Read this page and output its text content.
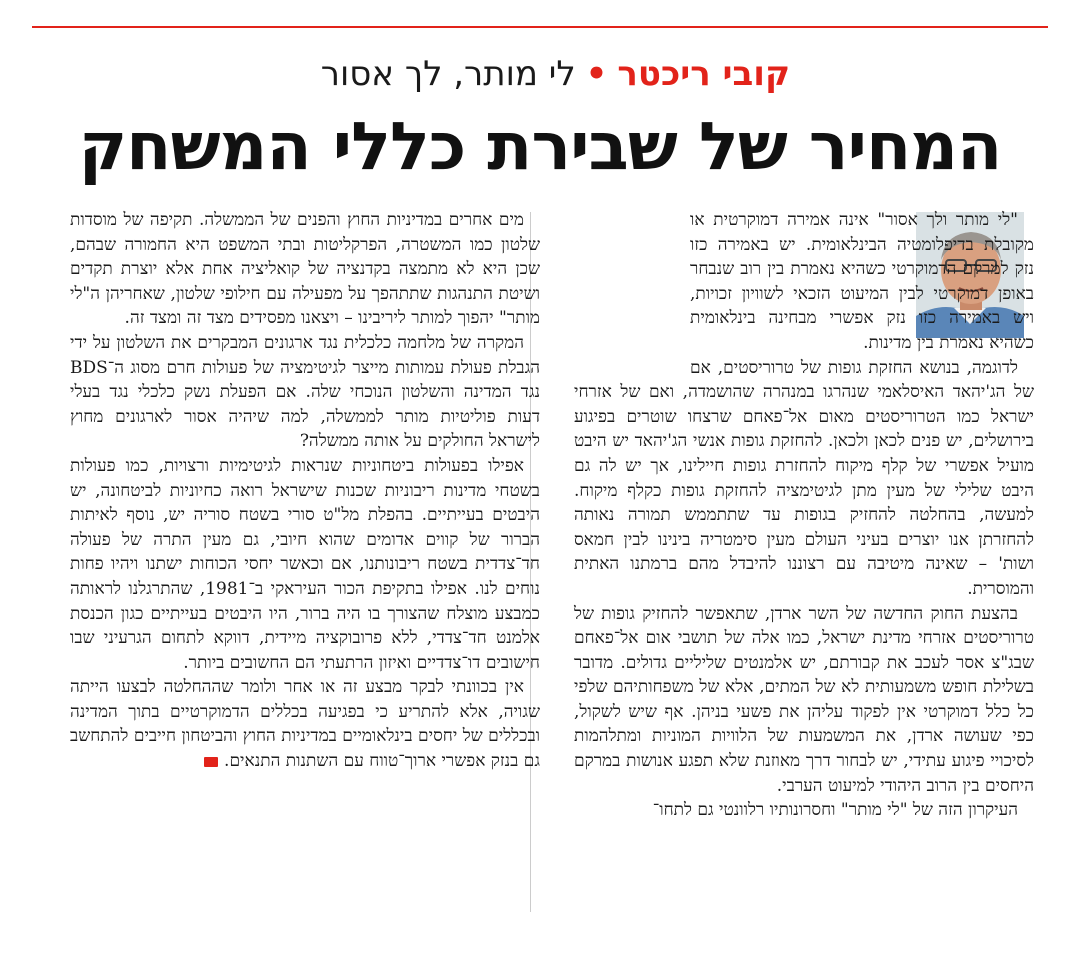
קובי ריכטר•לי מותר, לך אסור
המחיר של שבירת כללי המשחק

"לי מותר ולך אסור" אינה אמירה דמוקרטית או מקובלת בדיפלומטיה הבינלאומית. יש באמירה כזו נזק למרקם הדמוקרטי כשהיא נאמרת בין רוב שנבחר באופן דמוקרטי לבין המיעוט הזכאי לשוויון זכויות, ויש באמירה כזו נזק אפשרי מבחינה בינלאומית כשהיא נאמרת בין מדינות.

לדוגמה, בנושא החזקת גופות של טרוריסטים, אם של הג'יהאד האיסלאמי שנהרגו במנהרה שהושמדה, ואם של אזרחי ישראל כמו הטרוריסטים מאום אל־פאחם שרצחו שוטרים בפיגוע בירושלים, יש פנים לכאן ולכאן. להחזקת גופות אנשי הג'יהאד יש היבט מועיל אפשרי של קלף מיקוח להחזרת גופות חיילינו, אך יש לה גם היבט שלילי של מעין מתן לגיטימציה להחזקת גופות כקלף מיקוח. למעשה, בהחלטה להחזיק בגופות עד שתתממש תמורה נאותה להחזרתן אנו יוצרים בעיני העולם מעין סימטריה בינינו לבין חמאס ושות' – שאינה מיטיבה עם רצוננו להיבדל מהם ברמתנו האתית והמוסרית.

בהצעת החוק החדשה של השר ארדן, שתאפשר להחזיק גופות של טרוריסטים אזרחי מדינת ישראל, כמו אלה של תושבי אום אל־פאחם שבג"צ אסר לעכב את קבורתם, יש אלמנטים שליליים גדולים. מדובר בשלילת חופש משמעותית לא של המתים, אלא של משפחותיהם שלפי כל כלל דמוקרטי אין לפקוד עליהן את פשעי בניהן. אף שיש לשקול, כפי שעושה ארדן, את המשמעות של הלוויות המוניות ומתלהמות לסיכויי פיגוע עתידי, יש לבחור דרך מאוזנת שלא תפגע אנושות במרקם היחסים בין הרוב היהודי למיעוט הערבי.

העיקרון הזה של "לי מותר" וחסרונותיו רלוונטי גם לתחו־

מים אחרים במדיניות החוץ והפנים של הממשלה. תקיפה של מוסדות שלטון כמו המשטרה, הפרקליטות ובתי המשפט היא החמורה שבהם, שכן היא לא מתמצה בקדנציה של קואליציה אחת אלא יוצרת תקדים ושיטת התנהגות שתתהפך על מפעילה עם חילופי שלטון, שאחריהן ה"לי מותר" יהפוך למותר ליריבינו – ויצאנו מפסידים מצד זה ומצד זה.

המקרה של מלחמה כלכלית נגד ארגונים המבקרים את השלטון על ידי הגבלת פעולת עמותות מייצר לגיטימציה של פעולות חרם מסוג ה־BDS נגד המדינה והשלטון הנוכחי שלה. אם הפעלת נשק כלכלי נגד בעלי דעות פוליטיות מותר לממשלה, למה שיהיה אסור לארגונים מחוץ לישראל החולקים על אותה ממשלה?

אפילו בפעולות ביטחוניות שנראות לגיטימיות ורצויות, כמו פעולות בשטחי מדינות ריבוניות שכנות שישראל רואה כחיוניות לביטחונה, יש היבטים בעייתיים. בהפלת מל"ט סורי בשטח סוריה יש, נוסף לאיתות הברור של קווים אדומים שהוא חיובי, גם מעין התרה של פעולה חד־צדדית בשטח ריבונותנו, אם וכאשר יחסי הכוחות ישתנו ויהיו פחות נוחים לנו. אפילו בתקיפת הכור העיראקי ב־1981, שהתרגלנו לראותה כמבצע מוצלח שהצורך בו היה ברור, היו היבטים בעייתיים כגון הכנסת אלמנט חד־צדדי, ללא פרובוקציה מיידית, דווקא לתחום הגרעיני שבו חישובים דו־צדדיים ואיזון הרתעתי הם החשובים ביותר.

אין בכוונתי לבקר מבצע זה או אחר ולומר שההחלטה לבצעו הייתה שגויה, אלא להתריע כי בפגיעה בכללים הדמוקרטיים בתוך המדינה ובכללים של יחסים בינלאומיים במדיניות החוץ והביטחון חייבים להתחשב גם בנזק אפשרי ארוך־טווח עם השתנות התנאים.
